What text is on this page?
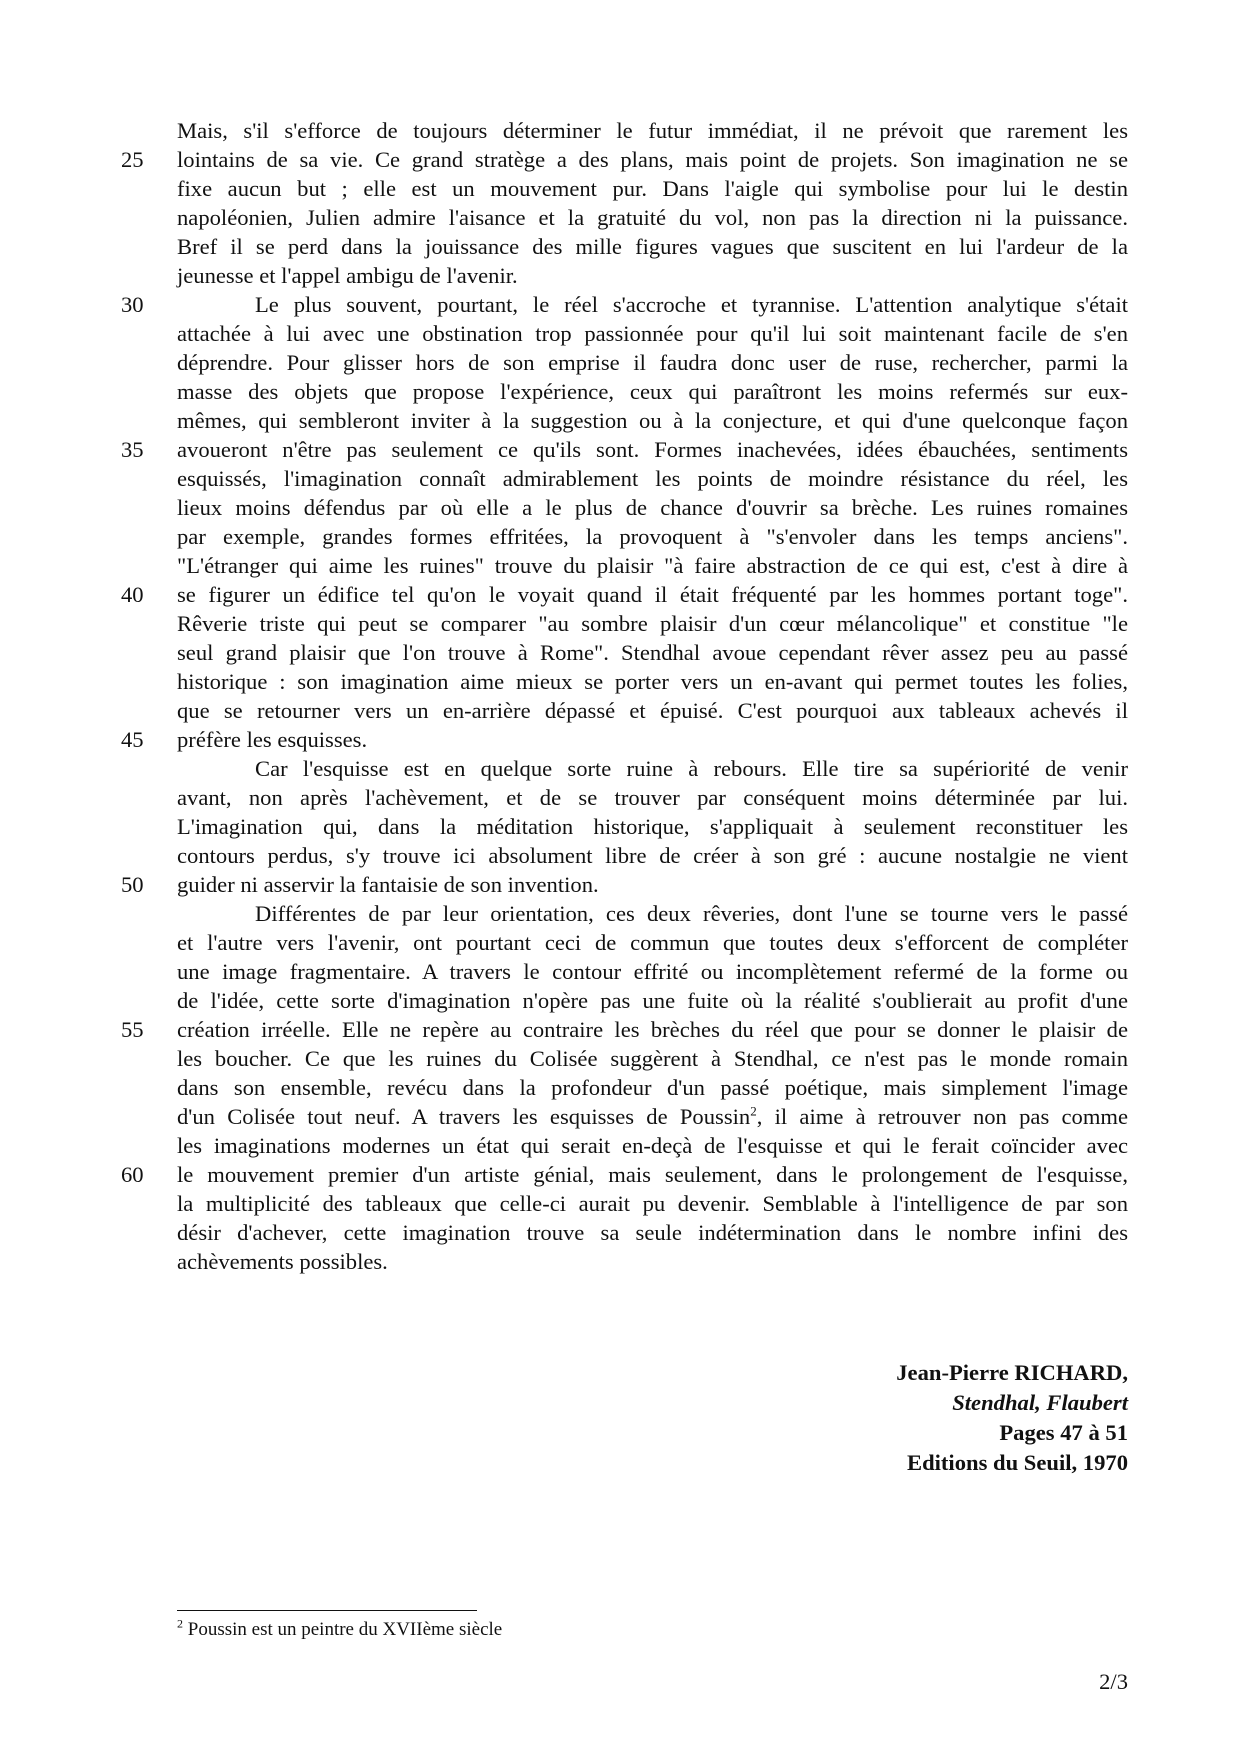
Mais, s'il s'efforce de toujours déterminer le futur immédiat, il ne prévoit que rarement les
25	lointains de sa vie. Ce grand stratège a des plans, mais point de projets. Son imagination ne se
fixe aucun but ; elle est un mouvement pur. Dans l'aigle qui symbolise pour lui le destin
napoléonien, Julien admire l'aisance et la gratuité du vol, non pas la direction ni la puissance.
Bref il se perd dans la jouissance des mille figures vagues que suscitent en lui l'ardeur de la
jeunesse et l'appel ambigu de l'avenir.
30	Le plus souvent, pourtant, le réel s'accroche et tyrannise. L'attention analytique s'était
attachée à lui avec une obstination trop passionnée pour qu'il lui soit maintenant facile de s'en
déprendre. Pour glisser hors de son emprise il faudra donc user de ruse, rechercher, parmi la
masse des objets que propose l'expérience, ceux qui paraîtront les moins refermés sur eux-
mêmes, qui sembleront inviter à la suggestion ou à la conjecture, et qui d'une quelconque façon
35	avoueront n'être pas seulement ce qu'ils sont. Formes inachevées, idées ébauchées, sentiments
esquissés, l'imagination connaît admirablement les points de moindre résistance du réel, les
lieux moins défendus par où elle a le plus de chance d'ouvrir sa brèche. Les ruines romaines
par exemple, grandes formes effritées, la provoquent à "s'envoler dans les temps anciens".
"L'étranger qui aime les ruines" trouve du plaisir "à faire abstraction de ce qui est, c'est à dire à
40	se figurer un édifice tel qu'on le voyait quand il était fréquenté par les hommes portant toge".
Rêverie triste qui peut se comparer "au sombre plaisir d'un cœur mélancolique" et constitue "le
seul grand plaisir que l'on trouve à Rome". Stendhal avoue cependant rêver assez peu au passé
historique : son imagination aime mieux se porter vers un en-avant qui permet toutes les folies,
que se retourner vers un en-arrière dépassé et épuisé. C'est pourquoi aux tableaux achevés il
45	préfère les esquisses.
Car l'esquisse est en quelque sorte ruine à rebours. Elle tire sa supériorité de venir
avant, non après l'achèvement, et de se trouver par conséquent moins déterminée par lui.
L'imagination qui, dans la méditation historique, s'appliquait à seulement reconstituer les
contours perdus, s'y trouve ici absolument libre de créer à son gré : aucune nostalgie ne vient
50	guider ni asservir la fantaisie de son invention.
Différentes de par leur orientation, ces deux rêveries, dont l'une se tourne vers le passé
et l'autre vers l'avenir, ont pourtant ceci de commun que toutes deux s'efforcent de compléter
une image fragmentaire. A travers le contour effrité ou incomplètement refermé de la forme ou
de l'idée, cette sorte d'imagination n'opère pas une fuite où la réalité s'oublierait au profit d'une
55	création irréelle. Elle ne repère au contraire les brèches du réel que pour se donner le plaisir de
les boucher. Ce que les ruines du Colisée suggèrent à Stendhal, ce n'est pas le monde romain
dans son ensemble, revécu dans la profondeur d'un passé poétique, mais simplement l'image
d'un Colisée tout neuf. A travers les esquisses de Poussin$^2$, il aime à retrouver non pas comme
les imaginations modernes un état qui serait en-deçà de l'esquisse et qui le ferait coïncider avec
60	le mouvement premier d'un artiste génial, mais seulement, dans le prolongement de l'esquisse,
la multiplicité des tableaux que celle-ci aurait pu devenir. Semblable à l'intelligence de par son
désir d'achever, cette imagination trouve sa seule indétermination dans le nombre infini des
achèvements possibles.
Jean-Pierre RICHARD,
Stendhal, Flaubert
Pages 47 à 51
Editions du Seuil, 1970
$^2$ Poussin est un peintre du XVIIème siècle
2/3
